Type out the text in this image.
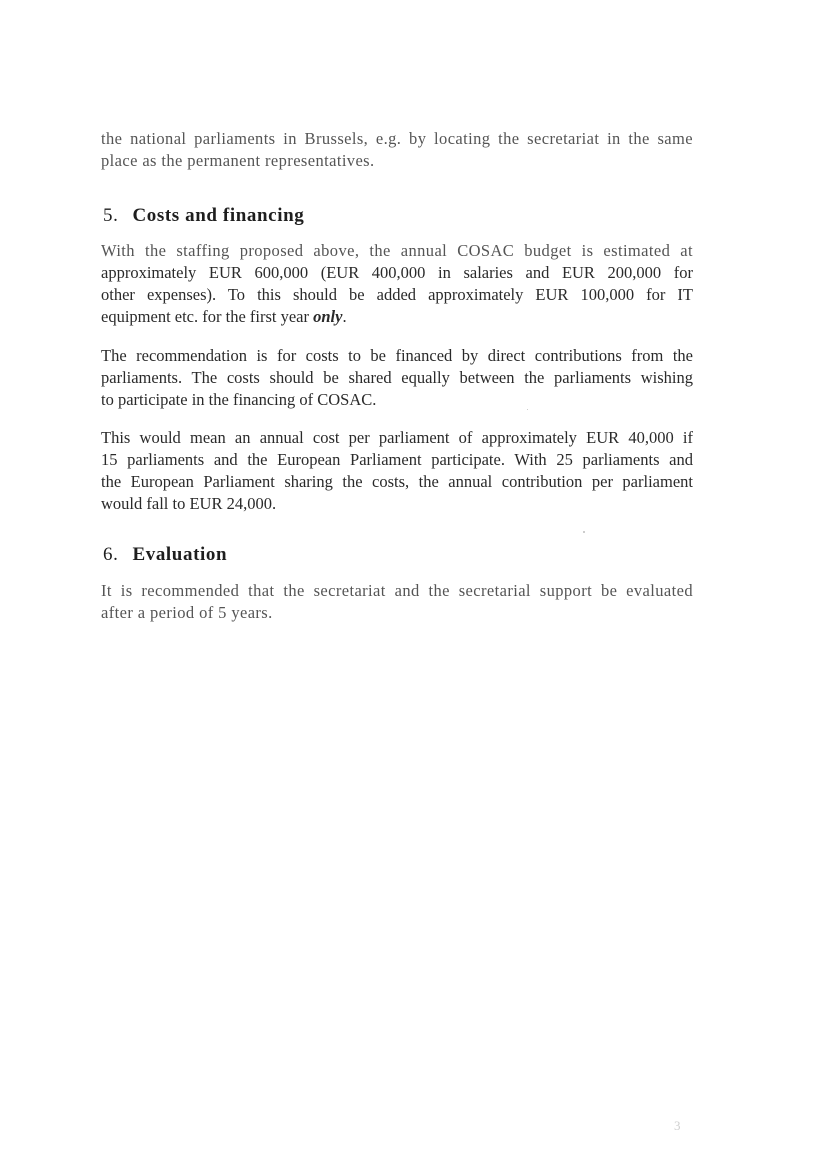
the national parliaments in Brussels, e.g. by locating the secretariat in the same
place as the permanent representatives.
5. Costs and financing
With the staffing proposed above, the annual COSAC budget is estimated at
approximately EUR 600,000 (EUR 400,000 in salaries and EUR 200,000 for
other expenses). To this should be added approximately EUR 100,000 for IT
equipment etc. for the first year only.
The recommendation is for costs to be financed by direct contributions from the
parliaments. The costs should be shared equally between the parliaments wishing
to participate in the financing of COSAC.
This would mean an annual cost per parliament of approximately EUR 40,000 if
15 parliaments and the European Parliament participate. With 25 parliaments and
the European Parliament sharing the costs, the annual contribution per parliament
would fall to EUR 24,000.
6. Evaluation
It is recommended that the secretariat and the secretarial support be evaluated
after a period of 5 years.
3
